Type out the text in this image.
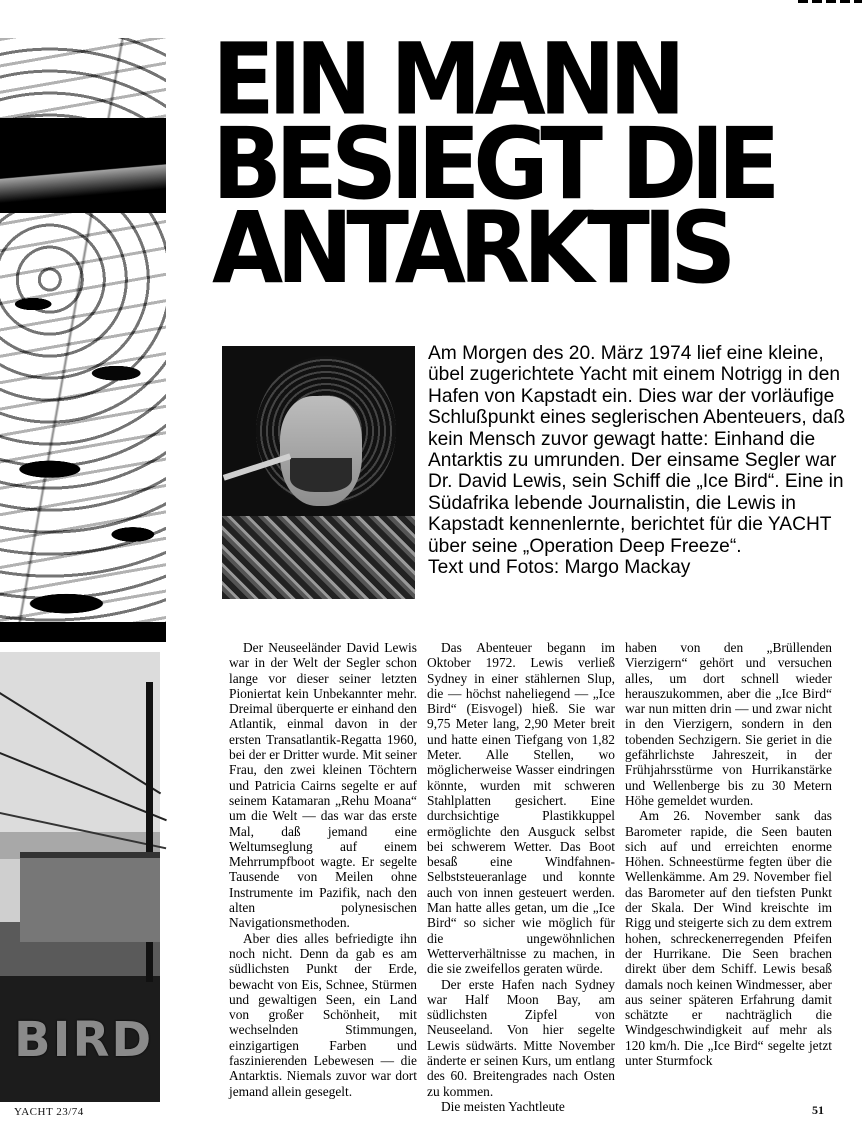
BIRD
EIN MANN
BESIEGT DIE
ANTARKTIS

Am Morgen des 20. März 1974 lief eine kleine, übel zugerichtete Yacht mit einem Notrigg in den Hafen von Kapstadt ein. Dies war der vorläufige Schlußpunkt eines seglerischen Abenteuers, daß kein Mensch zuvor gewagt hatte: Einhand die Antarktis zu umrunden. Der einsame Segler war Dr. David Lewis, sein Schiff die „Ice Bird“. Eine in Südafrika lebende Journalistin, die Lewis in Kapstadt kennenlernte, berichtet für die YACHT über seine „Operation Deep Freeze“.

Text und Fotos: Margo Mackay

Der Neuseeländer David Lewis war in der Welt der Segler schon lange vor dieser seiner letzten Pioniertat kein Unbekannter mehr. Dreimal überquerte er einhand den Atlantik, einmal davon in der ersten Transatlantik-Regatta 1960, bei der er Dritter wurde. Mit seiner Frau, den zwei kleinen Töchtern und Patricia Cairns segelte er auf seinem Katamaran „Rehu Moana“ um die Welt — das war das erste Mal, daß jemand eine Weltumseglung auf einem Mehrrumpfboot wagte. Er segelte Tausende von Meilen ohne Instrumente im Pazifik, nach den alten polynesischen Navigationsmethoden.

Aber dies alles befriedigte ihn noch nicht. Denn da gab es am südlichsten Punkt der Erde, bewacht von Eis, Schnee, Stürmen und gewaltigen Seen, ein Land von großer Schönheit, mit wechselnden Stimmungen, einzigartigen Farben und faszinierenden Lebewesen — die Antarktis. Niemals zuvor war dort jemand allein gesegelt.

Das Abenteuer begann im Oktober 1972. Lewis verließ Sydney in einer stählernen Slup, die — höchst naheliegend — „Ice Bird“ (Eisvogel) hieß. Sie war 9,75 Meter lang, 2,90 Meter breit und hatte einen Tiefgang von 1,82 Meter. Alle Stellen, wo möglicherweise Wasser eindringen könnte, wurden mit schweren Stahlplatten gesichert. Eine durchsichtige Plastikkuppel ermöglichte den Ausguck selbst bei schwerem Wetter. Das Boot besaß eine Windfahnen-Selbststeueranlage und konnte auch von innen gesteuert werden. Man hatte alles getan, um die „Ice Bird“ so sicher wie möglich für die ungewöhnlichen Wetterverhältnisse zu machen, in die sie zweifellos geraten würde.

Der erste Hafen nach Sydney war Half Moon Bay, am südlichsten Zipfel von Neuseeland. Von hier segelte Lewis südwärts. Mitte November änderte er seinen Kurs, um entlang des 60. Breitengrades nach Osten zu kommen.

Die meisten Yachtleute

haben von den „Brüllenden Vierzigern“ gehört und versuchen alles, um dort schnell wieder herauszukommen, aber die „Ice Bird“ war nun mitten drin — und zwar nicht in den Vierzigern, sondern in den tobenden Sechzigern. Sie geriet in die gefährlichste Jahreszeit, in der Frühjahrsstürme von Hurrikanstärke und Wellenberge bis zu 30 Metern Höhe gemeldet wurden.

Am 26. November sank das Barometer rapide, die Seen bauten sich auf und erreichten enorme Höhen. Schneestürme fegten über die Wellenkämme. Am 29. November fiel das Barometer auf den tiefsten Punkt der Skala. Der Wind kreischte im Rigg und steigerte sich zu dem extrem hohen, schreckenerregenden Pfeifen der Hurrikane. Die Seen brachen direkt über dem Schiff. Lewis besaß damals noch keinen Windmesser, aber aus seiner späteren Erfahrung damit schätzte er nachträglich die Windgeschwindigkeit auf mehr als 120 km/h. Die „Ice Bird“ segelte jetzt unter Sturmfock

YACHT 23/74	51
